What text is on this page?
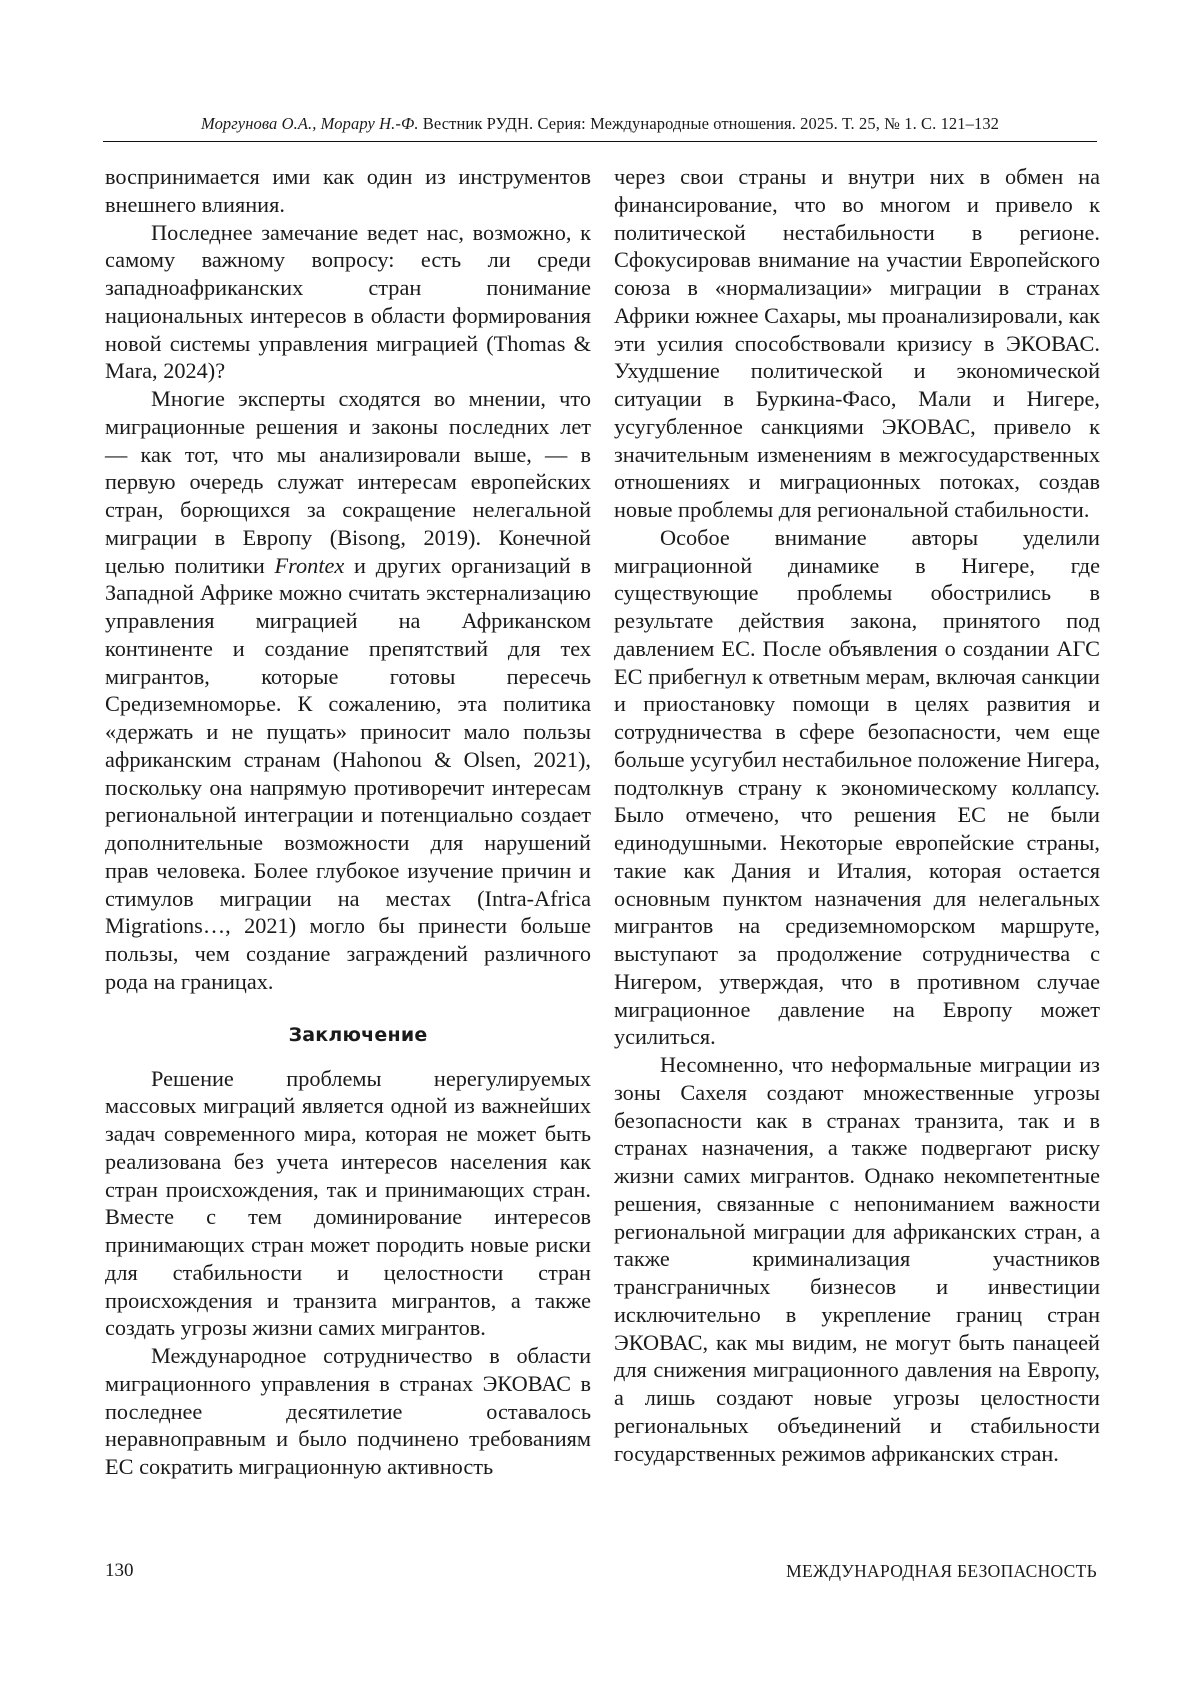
Моргунова О.А., Морару Н.-Ф. Вестник РУДН. Серия: Международные отношения. 2025. Т. 25, № 1. С. 121–132

воспринимается ими как один из инструментов внешнего влияния.

Последнее замечание ведет нас, возможно, к самому важному вопросу: есть ли среди западноафриканских стран понимание национальных интересов в области формирования новой системы управления миграцией (Thomas & Mara, 2024)?

Многие эксперты сходятся во мнении, что миграционные решения и законы последних лет — как тот, что мы анализировали выше, — в первую очередь служат интересам европейских стран, борющихся за сокращение нелегальной миграции в Европу (Bisong, 2019). Конечной целью политики Frontex и других организаций в Западной Африке можно считать экстернализацию управления миграцией на Африканском континенте и создание препятствий для тех мигрантов, которые готовы пересечь Средиземноморье. К сожалению, эта политика «держать и не пущать» приносит мало пользы африканским странам (Hahonou & Olsen, 2021), поскольку она напрямую противоречит интересам региональной интеграции и потенциально создает дополнительные возможности для нарушений прав человека. Более глубокое изучение причин и стимулов миграции на местах (Intra-Africa Migrations…, 2021) могло бы принести больше пользы, чем создание заграждений различного рода на границах.

Заключение

Решение проблемы нерегулируемых массовых миграций является одной из важнейших задач современного мира, которая не может быть реализована без учета интересов населения как стран происхождения, так и принимающих стран. Вместе с тем доминирование интересов принимающих стран может породить новые риски для стабильности и целостности стран происхождения и транзита мигрантов, а также создать угрозы жизни самих мигрантов.

Международное сотрудничество в области миграционного управления в странах ЭКОВАС в последнее десятилетие оставалось неравноправным и было подчинено требованиям ЕС сократить миграционную активность

через свои страны и внутри них в обмен на финансирование, что во многом и привело к политической нестабильности в регионе. Сфокусировав внимание на участии Европейского союза в «нормализации» миграции в странах Африки южнее Сахары, мы проанализировали, как эти усилия способствовали кризису в ЭКОВАС. Ухудшение политической и экономической ситуации в Буркина-Фасо, Мали и Нигере, усугубленное санкциями ЭКОВАС, привело к значительным изменениям в межгосударственных отношениях и миграционных потоках, создав новые проблемы для региональной стабильности.

Особое внимание авторы уделили миграционной динамике в Нигере, где существующие проблемы обострились в результате действия закона, принятого под давлением ЕС. После объявления о создании АГС ЕС прибегнул к ответным мерам, включая санкции и приостановку помощи в целях развития и сотрудничества в сфере безопасности, чем еще больше усугубил нестабильное положение Нигера, подтолкнув страну к экономическому коллапсу. Было отмечено, что решения ЕС не были единодушными. Некоторые европейские страны, такие как Дания и Италия, которая остается основным пунктом назначения для нелегальных мигрантов на средиземноморском маршруте, выступают за продолжение сотрудничества с Нигером, утверждая, что в противном случае миграционное давление на Европу может усилиться.

Несомненно, что неформальные миграции из зоны Сахеля создают множественные угрозы безопасности как в странах транзита, так и в странах назначения, а также подвергают риску жизни самих мигрантов. Однако некомпетентные решения, связанные с непониманием важности региональной миграции для африканских стран, а также криминализация участников трансграничных бизнесов и инвестиции исключительно в укрепление границ стран ЭКОВАС, как мы видим, не могут быть панацеей для снижения миграционного давления на Европу, а лишь создают новые угрозы целостности региональных объединений и стабильности государственных режимов африканских стран.

130	МЕЖДУНАРОДНАЯ БЕЗОПАСНОСТЬ
